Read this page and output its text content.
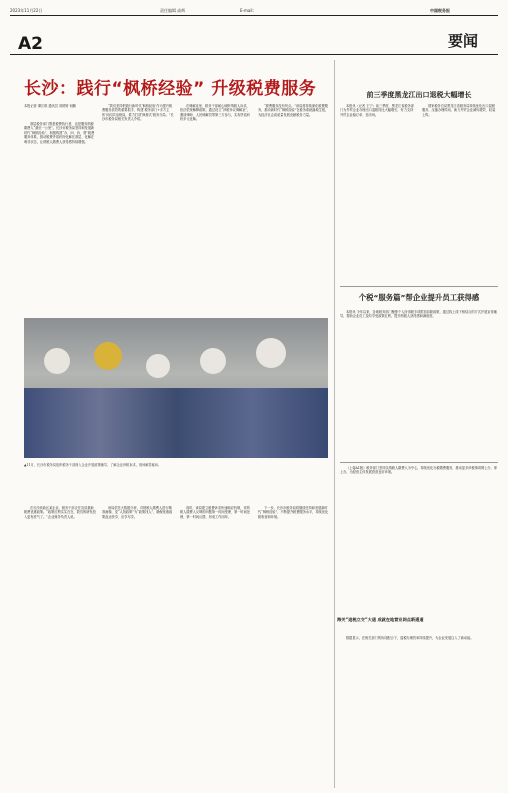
2023年11月22日	责任编辑 高辉	E-mail:	中国税务报
A2	要闻
长沙：践行“枫桥经验” 升级税费服务
本报记者 谭江琪 通讯员 刘婷婷 何鹏

基层税务部门既是税费执行者，也是服务纳税缴费人“最后一公里”。长沙市税务局坚持和发展新时代“枫桥经验”，积极构建“办、问、协、帮”税费服务体系，推动税费矛盾纠纷化解在基层、化解在萌芽状态，让纳税人缴费人获得感持续增强。

“我们坚持把践行新时代‘枫桥经验’作为提升税费服务质效的重要抓手，构建‘税务部门+多方主体’协同共治格局，着力打造‘枫桥式’税务分局。”长沙市税务局相关负责人介绍。

在调解室里，税务干部耐心倾听纳税人诉求，依法依规解释政策。通过设立“涉税争议调解室”，邀请律师、人民调解员等第三方参与，实现矛盾纠纷多元化解。

“税费服务没有终点。”该局将持续深化税费服务，推动新时代“枫桥经验”在税务系统落地生根，为经济社会高质量发展贡献税务力量。

▲11月，长沙市税务局组织税务干部深入企业开展政策辅导，了解企业涉税诉求，现场解答疑问。

在长沙高新区某企业，税务干部正在宣讲最新税费优惠政策。“政策红利实实在在，我们的研发投入更有底气了。”企业财务负责人说。

该局依托大数据分析，对纳税人缴费人进行精准画像，变“人找政策”为“政策找人”，确保优惠政策直达快享、应享尽享。

同时，该局建立税费诉求快速响应机制，对纳税人缴费人反映的问题第一时间受理、第一时间处理、第一时间反馈，形成工作闭环。

下一步，长沙市税务局将继续坚持和发展新时代“枫桥经验”，不断提升税费服务水平，持续优化税收营商环境。

前三季度黑龙江出口退税大幅增长

本报讯（记者 王宁）前三季度，黑龙江省税务部门为外贸企业办理出口退税同比大幅增长，有力支持外贸企业稳订单、拓市场。

国家税务总局黑龙江省税务局持续优化出口退税服务，压缩办理时间，助力外贸企业减负增效、轻装上阵。

个税“服务篇”帮企业提升员工获得感

本报讯 今年以来，各地税务部门聚焦个人所得税专项附加扣除政策，通过线上线下相结合的方式开展宣传辅导，帮助企业员工及时享受政策红利，提升纳税人获得感和满意度。

（上接A1版）税务部门坚持以纳税人缴费人为中心，持续优化办税缴费服务，推动更多涉税事项网上办、掌上办，为经营主体发展营造良好环境。

海关“退税立交”大道 成就在地营业网点新通道

数据显示，在相关部门的协同配合下，退税办理效率持续提升，为企业发展注入了新动能。
